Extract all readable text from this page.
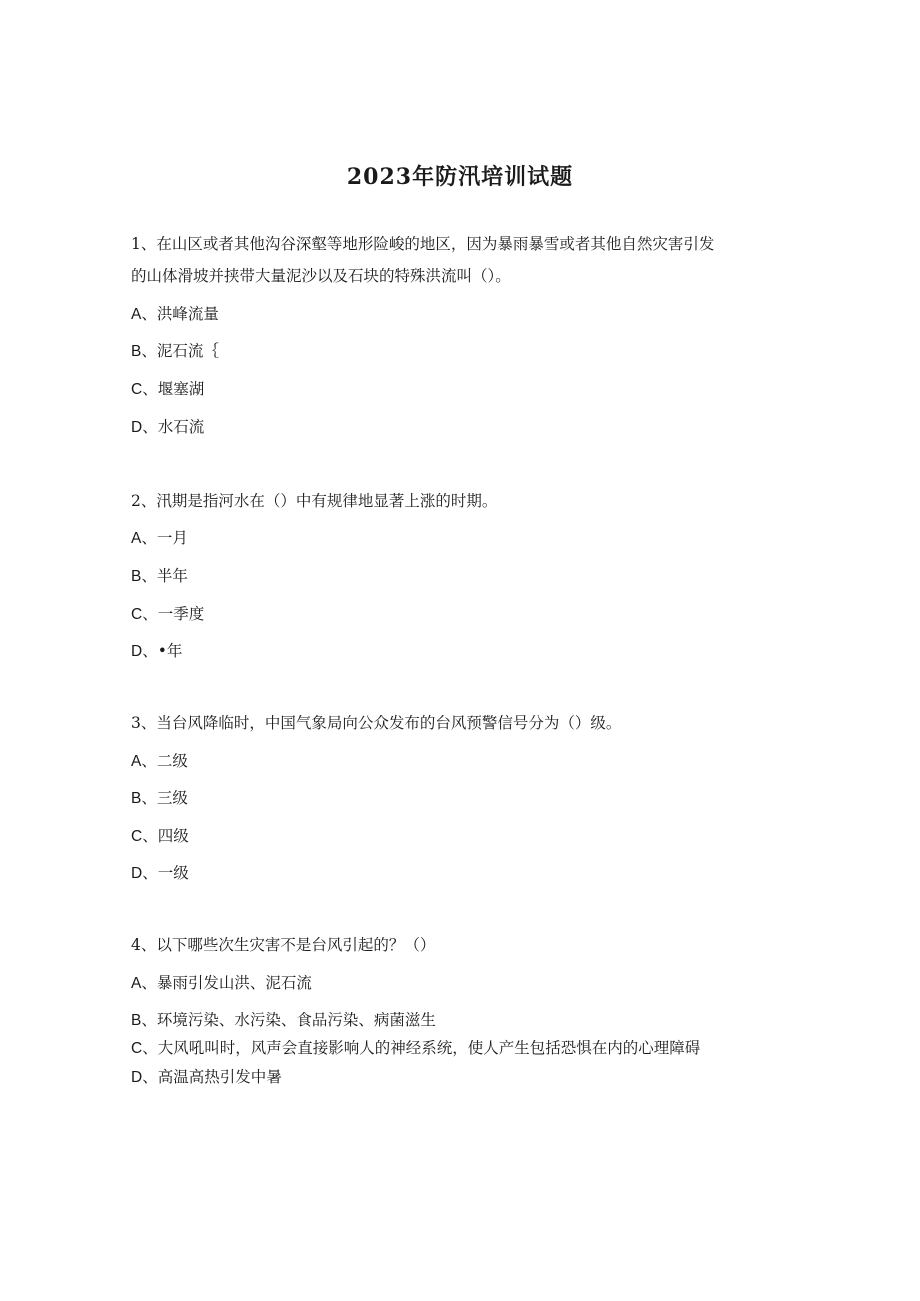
2023年防汛培训试题
1、在山区或者其他沟谷深壑等地形险峻的地区，因为暴雨暴雪或者其他自然灾害引发
的山体滑坡并挟带大量泥沙以及石块的特殊洪流叫（）。
A、洪峰流量
B、泥石流｛
C、堰塞湖
D、水石流
2、汛期是指河水在（）中有规律地显著上涨的时期。
A、一月
B、半年
C、一季度
D、•年
3、当台风降临时，中国气象局向公众发布的台风预警信号分为（）级。
A、二级
B、三级
C、四级
D、一级
4、以下哪些次生灾害不是台风引起的？（）
A、暴雨引发山洪、泥石流
B、环境污染、水污染、食品污染、病菌滋生
C、大风吼叫时，风声会直接影响人的神经系统，使人产生包括恐惧在内的心理障碍
D、高温高热引发中暑
